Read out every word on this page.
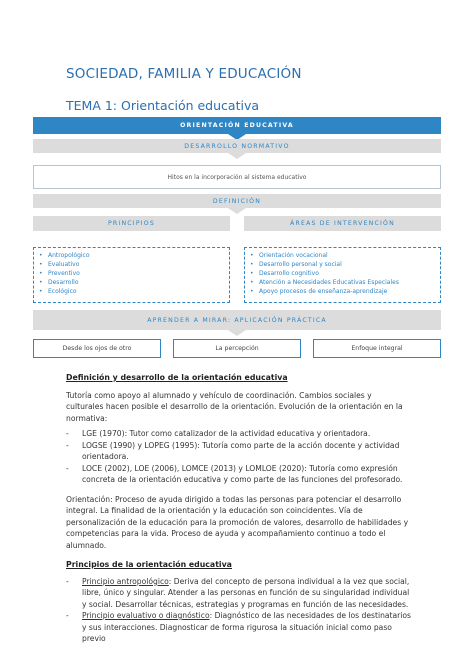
SOCIEDAD, FAMILIA Y EDUCACIÓN
TEMA 1: Orientación educativa
ORIENTACIÓN EDUCATIVA
DESARROLLO NORMATIVO
Hitos en la incorporación al sistema educativo
DEFINICIÓN
PRINCIPIOS	ÁREAS DE INTERVENCIÓN
• Antropológico
• Evaluativo
• Preventivo
• Desarrollo
• Ecológico
• Orientación vocacional
• Desarrollo personal y social
• Desarrollo cognitivo
• Atención a Necesidades Educativas Especiales
• Apoyo procesos de enseñanza-aprendizaje
APRENDER A MIRAR: APLICACIÓN PRÁCTICA
Desde los ojos de otro	La percepción	Enfoque integral
Definición y desarrollo de la orientación educativa
Tutoría como apoyo al alumnado y vehículo de coordinación. Cambios sociales y culturales hacen posible el desarrollo de la orientación. Evolución de la orientación en la normativa:
- LGE (1970): Tutor como catalizador de la actividad educativa y orientadora.
- LOGSE (1990) y LOPEG (1995): Tutoría como parte de la acción docente y actividad orientadora.
- LOCE (2002), LOE (2006), LOMCE (2013) y LOMLOE (2020): Tutoría como expresión concreta de la orientación educativa y como parte de las funciones del profesorado.
Orientación: Proceso de ayuda dirigido a todas las personas para potenciar el desarrollo integral. La finalidad de la orientación y la educación son coincidentes. Vía de personalización de la educación para la promoción de valores, desarrollo de habilidades y competencias para la vida. Proceso de ayuda y acompañamiento continuo a todo el alumnado.
Principios de la orientación educativa
- Principio antropológico: Deriva del concepto de persona individual a la vez que social, libre, único y singular. Atender a las personas en función de su singularidad individual y social. Desarrollar técnicas, estrategias y programas en función de las necesidades.
- Principio evaluativo o diagnóstico: Diagnóstico de las necesidades de los destinatarios y sus interacciones. Diagnosticar de forma rigurosa la situación inicial como paso previo
